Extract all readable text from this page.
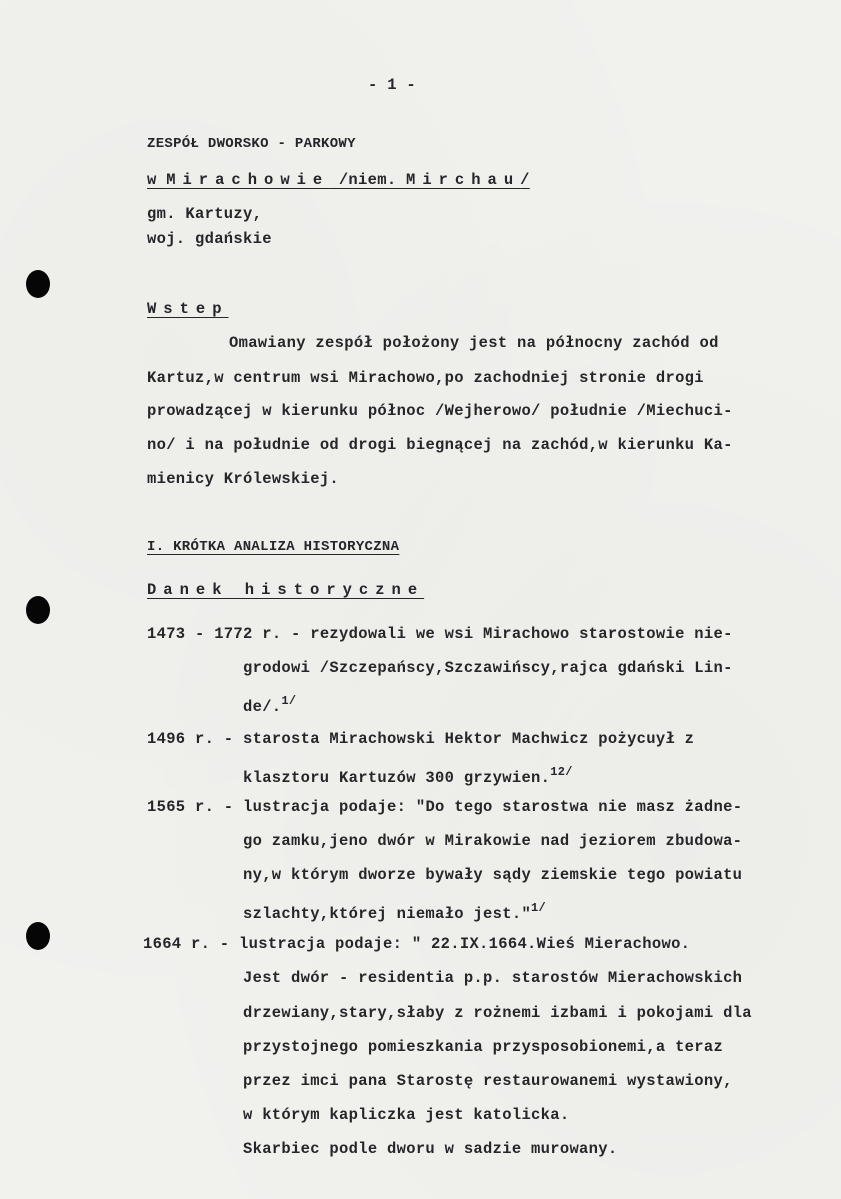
- 1 -

ZESPÓŁ DWORSKO - PARKOWY

w Mirachowie /niem. Mirchau/

gm. Kartuzy,

woj. gdańskie

Wstep

Omawiany zespół położony jest na północny zachód od

Kartuz,w centrum wsi Mirachowo,po zachodniej stronie drogi

prowadzącej w kierunku północ /Wejherowo/ południe /Miechuci-

no/ i na południe od drogi biegnącej na zachód,w kierunku Ka-

mienicy Królewskiej.

I. KRÓTKA ANALIZA HISTORYCZNA

Danek historyczne

1473 - 1772 r. - rezydowali we wsi Mirachowo starostowie nie-

grodowi /Szczepańscy,Szczawińscy,rajca gdański Lin-

de/.$^{1/}$

1496 r. - starosta Mirachowski Hektor Machwicz pożycuył z

klasztoru Kartuzów 300 grzywien.$^{12/}$

1565 r. - lustracja podaje: "Do tego starostwa nie masz żadne-

go zamku,jeno dwór w Mirakowie nad jeziorem zbudowa-

ny,w którym dworze bywały sądy ziemskie tego powiatu

szlachty,której niemało jest."$^{1/}$

1664 r. - lustracja podaje: " 22.IX.1664.Wieś Mierachowo.

Jest dwór - residentia p.p. starostów Mierachowskich

drzewiany,stary,słaby z rożnemi izbami i pokojami dla

przystojnego pomieszkania przysposobionemi,a teraz

przez imci pana Starostę restaurowanemi wystawiony,

w którym kapliczka jest katolicka.

Skarbiec podle dworu w sadzie murowany.
